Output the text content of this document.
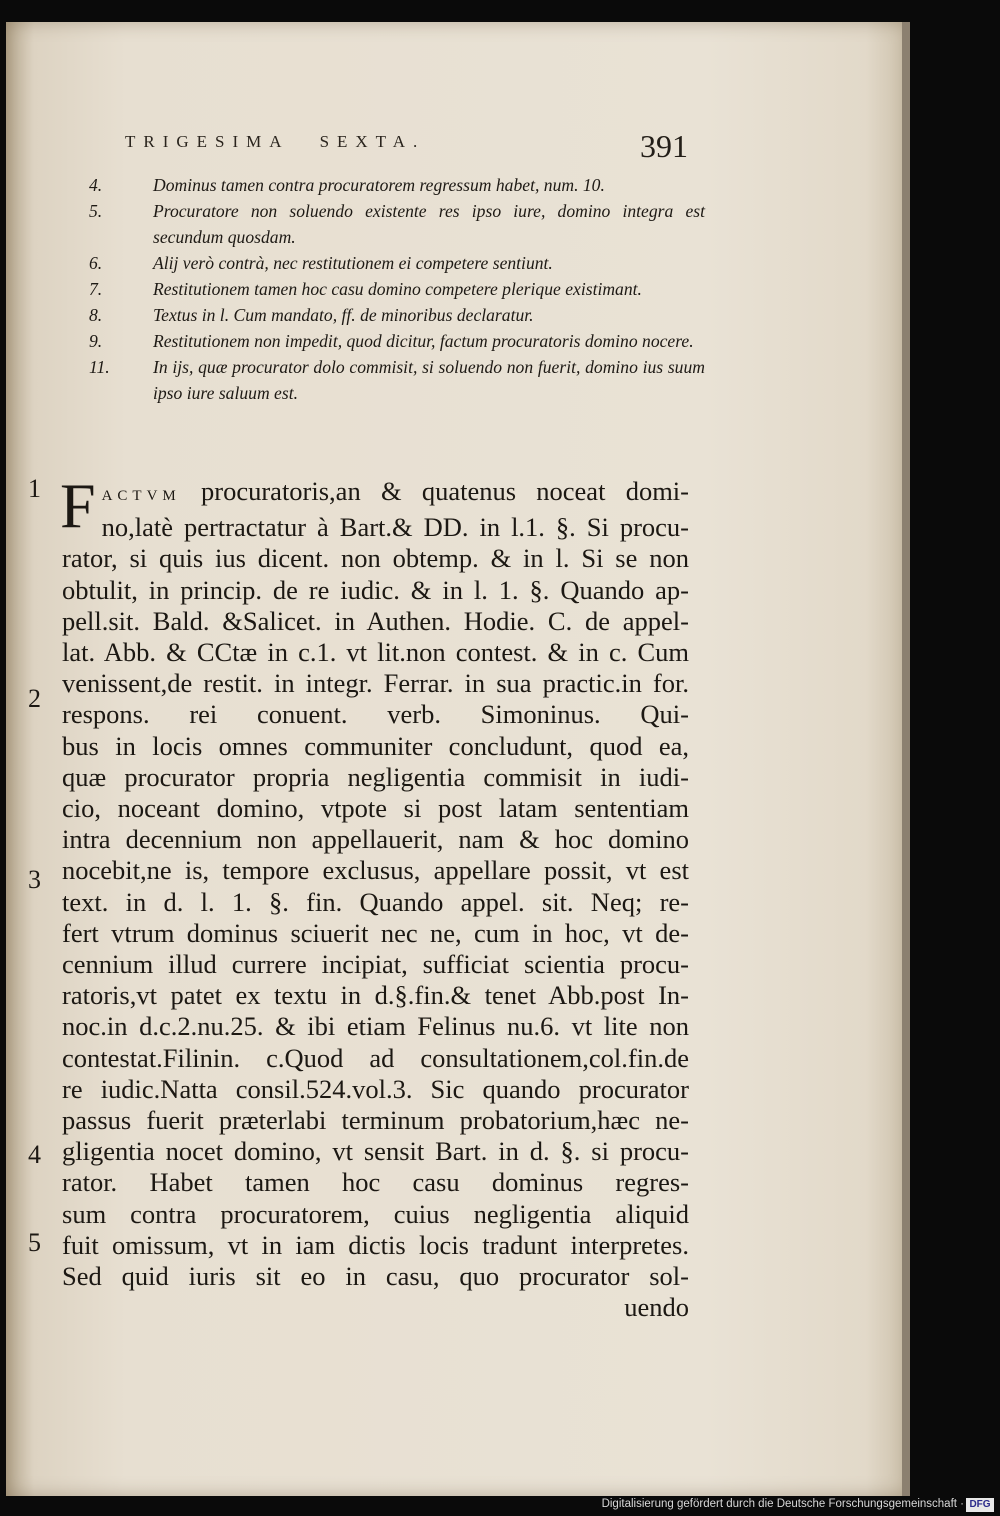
TRIGESIMA SEXTA.	391
4.	Dominus tamen contra procuratorem regressum habet, num. 10.
5.	Procuratore non soluendo existente res ipso iure, domino integra est secundum quosdam.
6.	Alij verò contrà, nec restitutionem ei competere sentiunt.
7.	Restitutionem tamen hoc casu domino competere plerique existimant.
8.	Textus in l. Cum mandato, ff. de minoribus declaratur.
9.	Restitutionem non impedit, quod dicitur, factum procuratoris domino nocere.
11.	In ijs, quæ procurator dolo commisit, si soluendo non fuerit, domino ius suum ipso iure saluum est.

FACTVM procuratoris,an & quatenus noceat domi-

no,latè pertractatur à Bart.& DD. in l.1. §. Si procu-

rator, si quis ius dicent. non obtemp. & in l. Si se non

obtulit, in princip. de re iudic. & in l. 1. §. Quando ap-

pell.sit. Bald. &Salicet. in Authen. Hodie. C. de appel-

lat. Abb. & CCtæ in c.1. vt lit.non contest. & in c. Cum

venissent,de restit. in integr. Ferrar. in sua practic.in for.

respons. rei conuent. verb. Simoninus. Qui-

bus in locis omnes communiter concludunt, quod ea,

quæ procurator propria negligentia commisit in iudi-

cio, noceant domino, vtpote si post latam sententiam

intra decennium non appellauerit, nam & hoc domino

nocebit,ne is, tempore exclusus, appellare possit, vt est

text. in d. l. 1. §. fin. Quando appel. sit. Neq; re-

fert vtrum dominus sciuerit nec ne, cum in hoc, vt de-

cennium illud currere incipiat, sufficiat scientia procu-

ratoris,vt patet ex textu in d.§.fin.& tenet Abb.post In-

noc.in d.c.2.nu.25. & ibi etiam Felinus nu.6. vt lite non

contestat.Filinin. c.Quod ad consultationem,col.fin.de

re iudic.Natta consil.524.vol.3. Sic quando procurator

passus fuerit præterlabi terminum probatorium,hæc ne-

gligentia nocet domino, vt sensit Bart. in d. §. si procu-

rator. Habet tamen hoc casu dominus regres-

sum contra procuratorem, cuius negligentia aliquid

fuit omissum, vt in iam dictis locis tradunt interpretes.

Sed quid iuris sit eo in casu, quo procurator sol-

uendo

1
2
3
4
5
Digitalisierung gefördert durch die Deutsche Forschungsgemeinschaft · DFG
